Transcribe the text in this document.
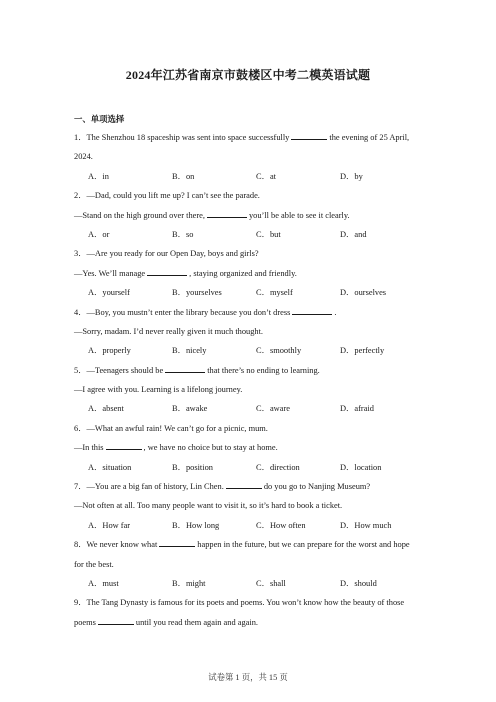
2024年江苏省南京市鼓楼区中考二模英语试题
一、单项选择
1．The Shenzhou 18 spaceship was sent into space successfully	the evening of 25 April,
2024.
A．in	B．on	C．at	D．by
2．—Dad, could you lift me up? I can’t see the parade.
—Stand on the high ground over there,	you’ll be able to see it clearly.
A．or	B．so	C．but	D．and
3．—Are you ready for our Open Day, boys and girls?
—Yes. We’ll manage	, staying organized and friendly.
A．yourself	B．yourselves	C．myself	D．ourselves
4．—Boy, you mustn’t enter the library because you don’t dress	.
—Sorry, madam. I’d never really given it much thought.
A．properly	B．nicely	C．smoothly	D．perfectly
5．—Teenagers should be	that there’s no ending to learning.
—I agree with you. Learning is a lifelong journey.
A．absent	B．awake	C．aware	D．afraid
6．—What an awful rain! We can’t go for a picnic, mum.
—In this	, we have no choice but to stay at home.
A．situation	B．position	C．direction	D．location
7．—You are a big fan of history, Lin Chen.	do you go to Nanjing Museum?
—Not often at all. Too many people want to visit it, so it’s hard to book a ticket.
A．How far	B．How long	C．How often	D．How much
8．We never know what	happen in the future, but we can prepare for the worst and hope
for the best.
A．must	B．might	C．shall	D．should
9．The Tang Dynasty is famous for its poets and poems. You won’t know how the beauty of those
poems	until you read them again and again.
试卷第 1 页，共 15 页
